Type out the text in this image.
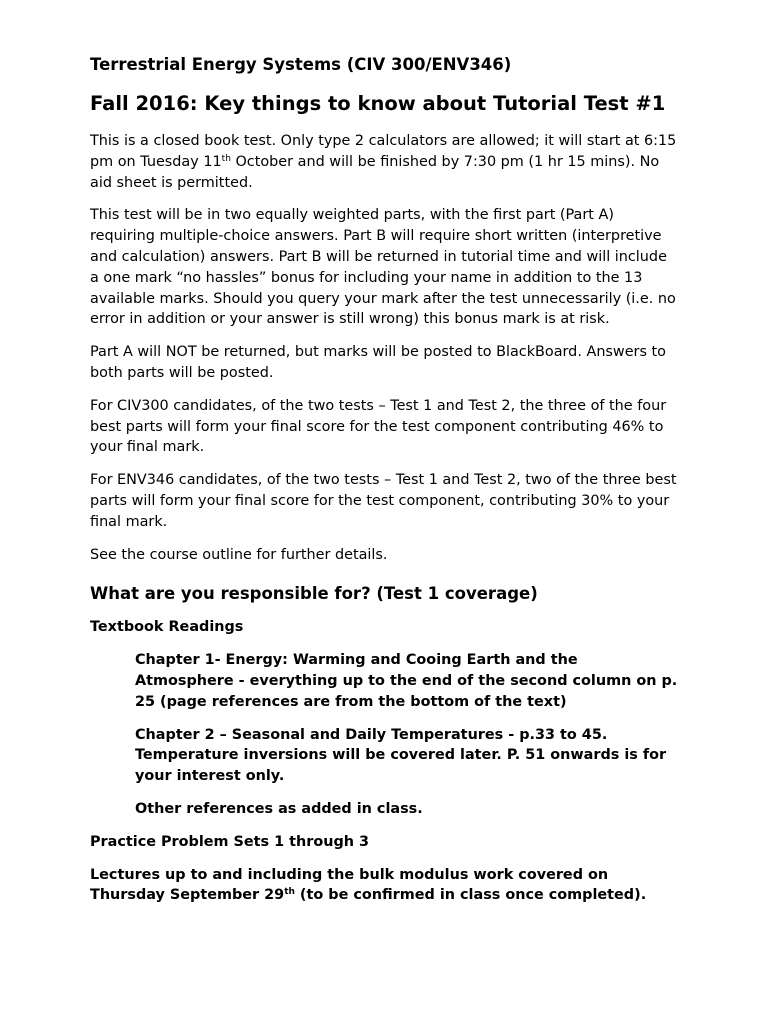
Terrestrial Energy Systems (CIV 300/ENV346)
Fall 2016: Key things to know about Tutorial Test #1

This is a closed book test. Only type 2 calculators are allowed; it will start at 6:15 pm on Tuesday 11th October and will be finished by 7:30 pm (1 hr 15 mins). No aid sheet is permitted.

This test will be in two equally weighted parts, with the first part (Part A) requiring multiple-choice answers. Part B will require short written (interpretive and calculation) answers. Part B will be returned in tutorial time and will include a one mark “no hassles” bonus for including your name in addition to the 13 available marks. Should you query your mark after the test unnecessarily (i.e. no error in addition or your answer is still wrong) this bonus mark is at risk.

Part A will NOT be returned, but marks will be posted to BlackBoard. Answers to both parts will be posted.

For CIV300 candidates, of the two tests – Test 1 and Test 2, the three of the four best parts will form your final score for the test component contributing 46% to your final mark.

For ENV346 candidates, of the two tests – Test 1 and Test 2, two of the three best parts will form your final score for the test component, contributing 30% to your final mark.

See the course outline for further details.

What are you responsible for? (Test 1 coverage)
Textbook Readings
Chapter 1- Energy: Warming and Cooing Earth and the Atmosphere - everything up to the end of the second column on p. 25 (page references are from the bottom of the text)
Chapter 2 – Seasonal and Daily Temperatures - p.33 to 45. Temperature inversions will be covered later. P. 51 onwards is for your interest only.
Other references as added in class.
Practice Problem Sets 1 through 3
Lectures up to and including the bulk modulus work covered on Thursday September 29th (to be confirmed in class once completed).
